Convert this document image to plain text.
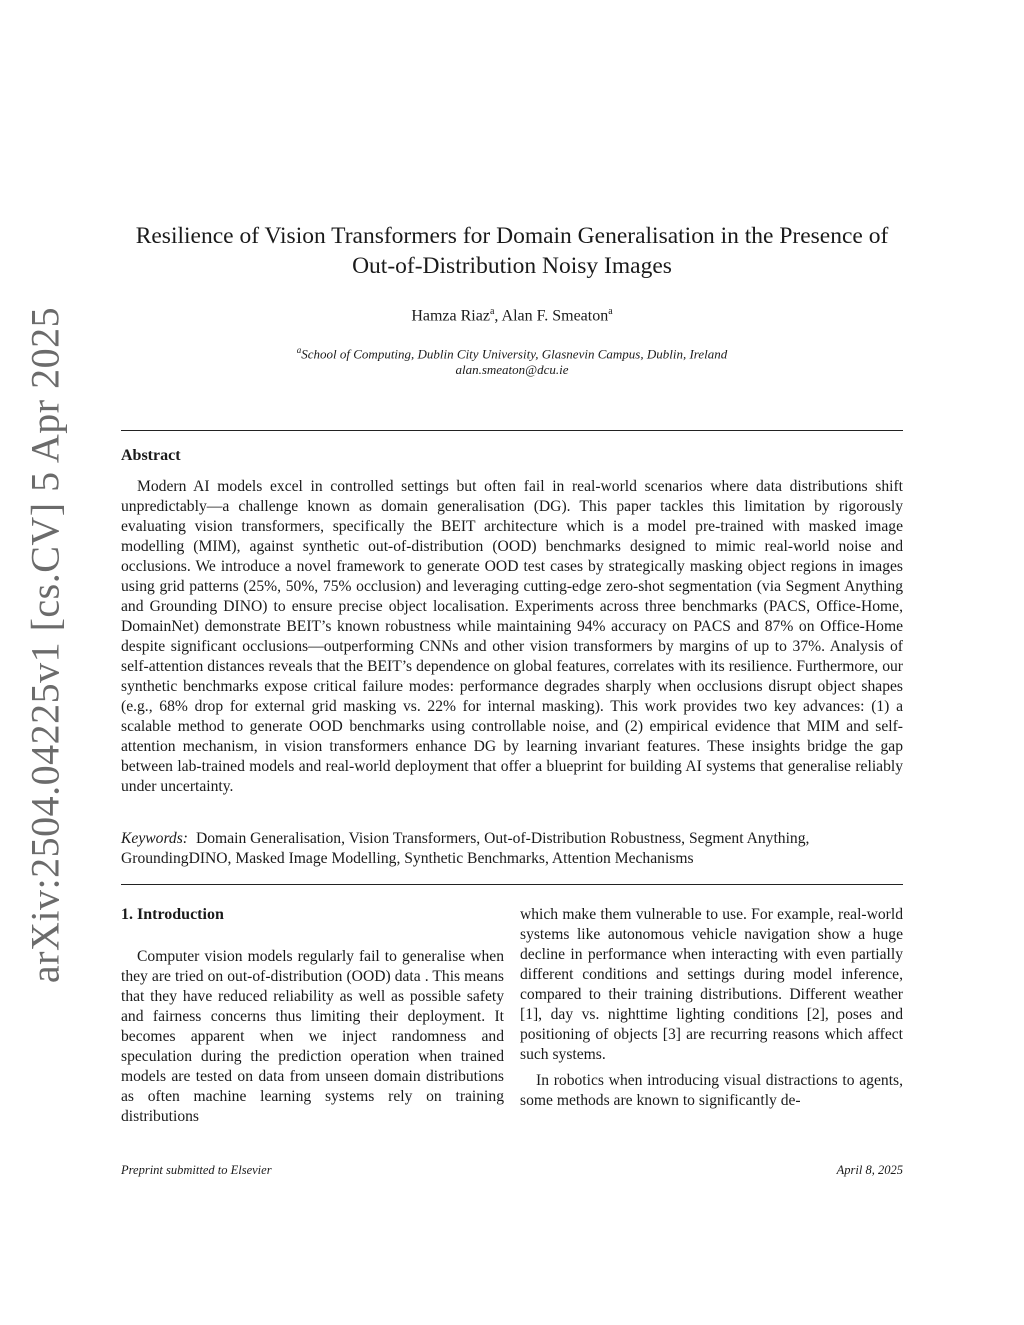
arXiv:2504.04225v1 [cs.CV] 5 Apr 2025
Resilience of Vision Transformers for Domain Generalisation in the Presence of Out-of-Distribution Noisy Images
Hamza Riaz$^a$, Alan F. Smeaton$^a$
$^a$School of Computing, Dublin City University, Glasnevin Campus, Dublin, Ireland
alan.smeaton@dcu.ie
Abstract

Modern AI models excel in controlled settings but often fail in real-world scenarios where data distributions shift unpredictably—a challenge known as domain generalisation (DG). This paper tackles this limitation by rigorously evaluating vision transformers, specifically the BEIT architecture which is a model pre-trained with masked image modelling (MIM), against synthetic out-of-distribution (OOD) benchmarks designed to mimic real-world noise and occlusions. We introduce a novel framework to generate OOD test cases by strategically masking object regions in images using grid patterns (25%, 50%, 75% occlusion) and leveraging cutting-edge zero-shot segmentation (via Segment Anything and Grounding DINO) to ensure precise object localisation. Experiments across three benchmarks (PACS, Office-Home, DomainNet) demonstrate BEIT’s known robustness while maintaining 94% accuracy on PACS and 87% on Office-Home despite significant occlusions—outperforming CNNs and other vision transformers by margins of up to 37%. Analysis of self-attention distances reveals that the BEIT’s dependence on global features, correlates with its resilience. Furthermore, our synthetic benchmarks expose critical failure modes: performance degrades sharply when occlusions disrupt object shapes (e.g., 68% drop for external grid masking vs. 22% for internal masking). This work provides two key advances: (1) a scalable method to generate OOD benchmarks using controllable noise, and (2) empirical evidence that MIM and self-attention mechanism, in vision transformers enhance DG by learning invariant features. These insights bridge the gap between lab-trained models and real-world deployment that offer a blueprint for building AI systems that generalise reliably under uncertainty.

Keywords: Domain Generalisation, Vision Transformers, Out-of-Distribution Robustness, Segment Anything, GroundingDINO, Masked Image Modelling, Synthetic Benchmarks, Attention Mechanisms

1. Introduction

Computer vision models regularly fail to generalise when they are tried on out-of-distribution (OOD) data . This means that they have reduced reliability as well as possible safety and fairness concerns thus limiting their deployment. It becomes apparent when we inject randomness and speculation during the prediction operation when trained models are tested on data from unseen domain distributions as often machine learning systems rely on training distributions

which make them vulnerable to use. For example, real-world systems like autonomous vehicle navigation show a huge decline in performance when interacting with even partially different conditions and settings during model inference, compared to their training distributions. Different weather [1], day vs. nighttime lighting conditions [2], poses and positioning of objects [3] are recurring reasons which affect such systems.

In robotics when introducing visual distractions to agents, some methods are known to significantly de-

Preprint submitted to Elsevier	April 8, 2025
